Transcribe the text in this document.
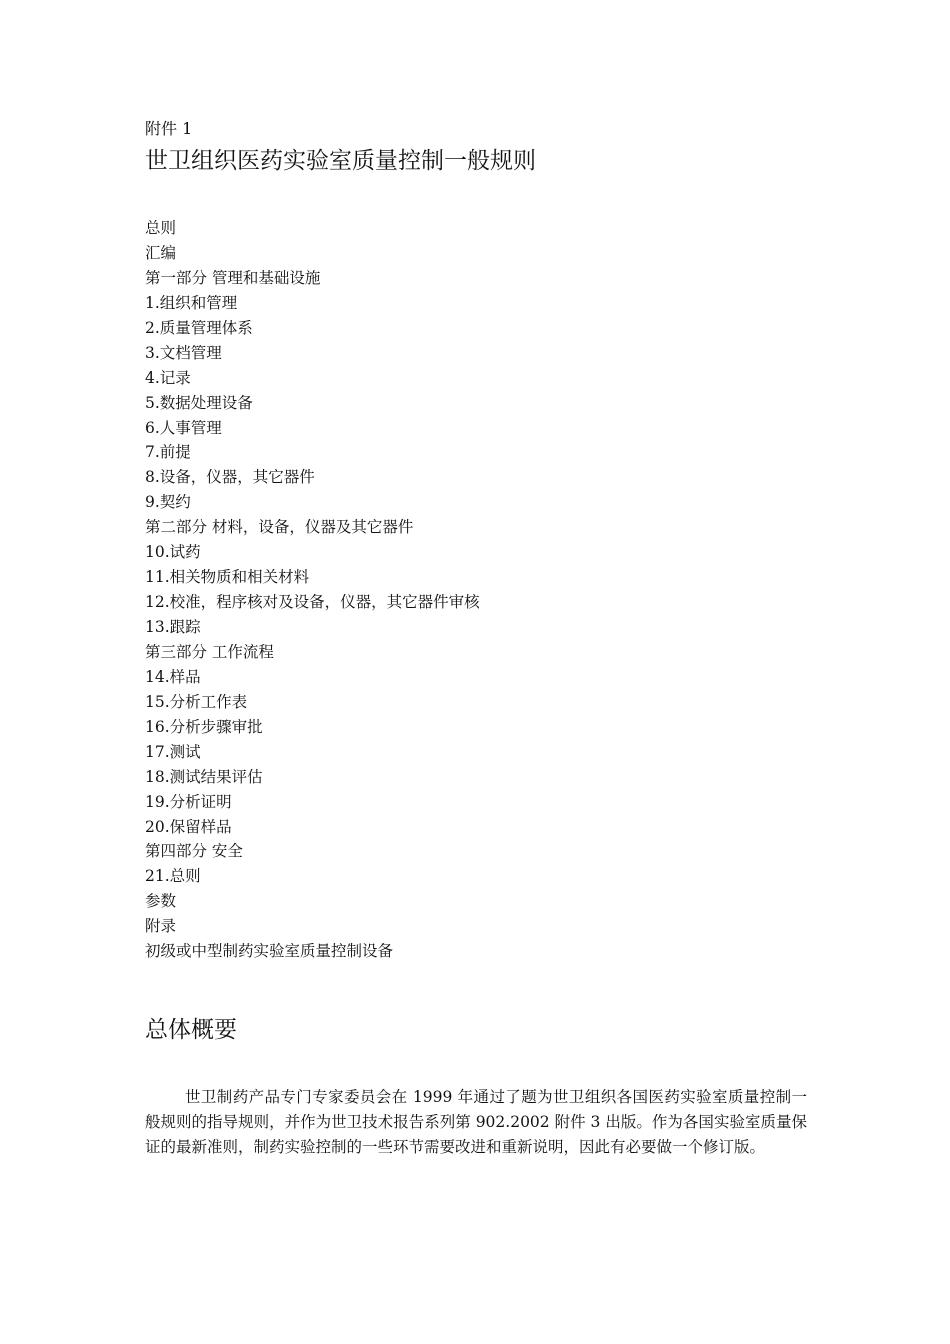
附件 1
世卫组织医药实验室质量控制一般规则
总则
汇编
第一部分 管理和基础设施
1.组织和管理
2.质量管理体系
3.文档管理
4.记录
5.数据处理设备
6.人事管理
7.前提
8.设备，仪器，其它器件
9.契约
第二部分 材料，设备，仪器及其它器件
10.试药
11.相关物质和相关材料
12.校准，程序核对及设备，仪器，其它器件审核
13.跟踪
第三部分 工作流程
14.样品
15.分析工作表
16.分析步骤审批
17.测试
18.测试结果评估
19.分析证明
20.保留样品
第四部分 安全
21.总则
参数
附录
初级或中型制药实验室质量控制设备
总体概要

世卫制药产品专门专家委员会在 1999 年通过了题为世卫组织各国医药实验室质量控制一般规则的指导规则，并作为世卫技术报告系列第 902.2002 附件 3 出版。作为各国实验室质量保证的最新准则，制药实验控制的一些环节需要改进和重新说明，因此有必要做一个修订版。
